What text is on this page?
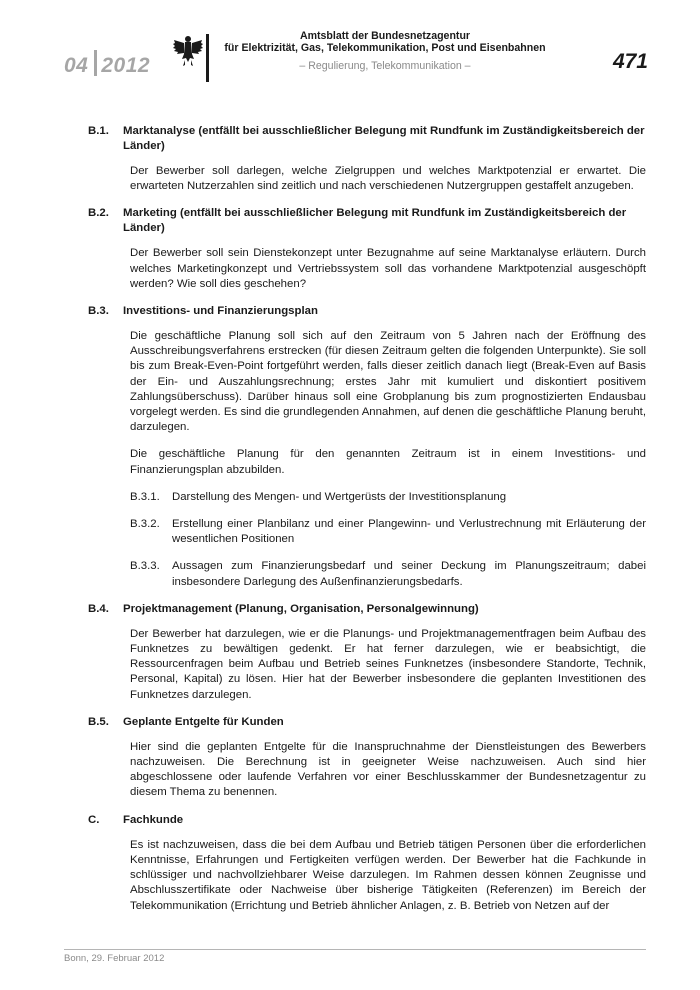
04 2012
Amtsblatt der Bundesnetzagentur
für Elektrizität, Gas, Telekommunikation, Post und Eisenbahnen
– Regulierung, Telekommunikation –	471
B.1.	Marktanalyse (entfällt bei ausschließlicher Belegung mit Rundfunk im Zuständigkeitsbereich der Länder)
Der Bewerber soll darlegen, welche Zielgruppen und welches Marktpotenzial er erwartet. Die erwarteten Nutzerzahlen sind zeitlich und nach verschiedenen Nutzergruppen gestaffelt anzugeben.
B.2.	Marketing (entfällt bei ausschließlicher Belegung mit Rundfunk im Zuständigkeitsbereich der Länder)
Der Bewerber soll sein Dienstekonzept unter Bezugnahme auf seine Marktanalyse erläutern. Durch welches Marketingkonzept und Vertriebssystem soll das vorhandene Marktpotenzial ausgeschöpft werden? Wie soll dies geschehen?
B.3.	Investitions- und Finanzierungsplan
Die geschäftliche Planung soll sich auf den Zeitraum von 5 Jahren nach der Eröffnung des Ausschreibungsverfahrens erstrecken (für diesen Zeitraum gelten die folgenden Unterpunkte). Sie soll bis zum Break-Even-Point fortgeführt werden, falls dieser zeitlich danach liegt (Break-Even auf Basis der Ein- und Auszahlungsrechnung; erstes Jahr mit kumuliert und diskontiert positivem Zahlungsüberschuss). Darüber hinaus soll eine Grobplanung bis zum prognostizierten Endausbau vorgelegt werden. Es sind die grundlegenden Annahmen, auf denen die geschäftliche Planung beruht, darzulegen.
Die geschäftliche Planung für den genannten Zeitraum ist in einem Investitions- und Finanzierungsplan abzubilden.
B.3.1.	Darstellung des Mengen- und Wertgerüsts der Investitionsplanung
B.3.2.	Erstellung einer Planbilanz und einer Plangewinn- und Verlustrechnung mit Erläuterung der wesentlichen Positionen
B.3.3.	Aussagen zum Finanzierungsbedarf und seiner Deckung im Planungszeitraum; dabei insbesondere Darlegung des Außenfinanzierungsbedarfs.
B.4.	Projektmanagement (Planung, Organisation, Personalgewinnung)
Der Bewerber hat darzulegen, wie er die Planungs- und Projektmanagementfragen beim Aufbau des Funknetzes zu bewältigen gedenkt. Er hat ferner darzulegen, wie er beabsichtigt, die Ressourcenfragen beim Aufbau und Betrieb seines Funknetzes (insbesondere Standorte, Technik, Personal, Kapital) zu lösen. Hier hat der Bewerber insbesondere die geplanten Investitionen des Funknetzes darzulegen.
B.5.	Geplante Entgelte für Kunden
Hier sind die geplanten Entgelte für die Inanspruchnahme der Dienstleistungen des Bewerbers nachzuweisen. Die Berechnung ist in geeigneter Weise nachzuweisen. Auch sind hier abgeschlossene oder laufende Verfahren vor einer Beschlusskammer der Bundesnetzagentur zu diesem Thema zu benennen.
C.	Fachkunde
Es ist nachzuweisen, dass die bei dem Aufbau und Betrieb tätigen Personen über die erforderlichen Kenntnisse, Erfahrungen und Fertigkeiten verfügen werden. Der Bewerber hat die Fachkunde in schlüssiger und nachvollziehbarer Weise darzulegen. Im Rahmen dessen können Zeugnisse und Abschlusszertifikate oder Nachweise über bisherige Tätigkeiten (Referenzen) im Bereich der Telekommunikation (Errichtung und Betrieb ähnlicher Anlagen, z. B. Betrieb von Netzen auf der
Bonn, 29. Februar 2012
